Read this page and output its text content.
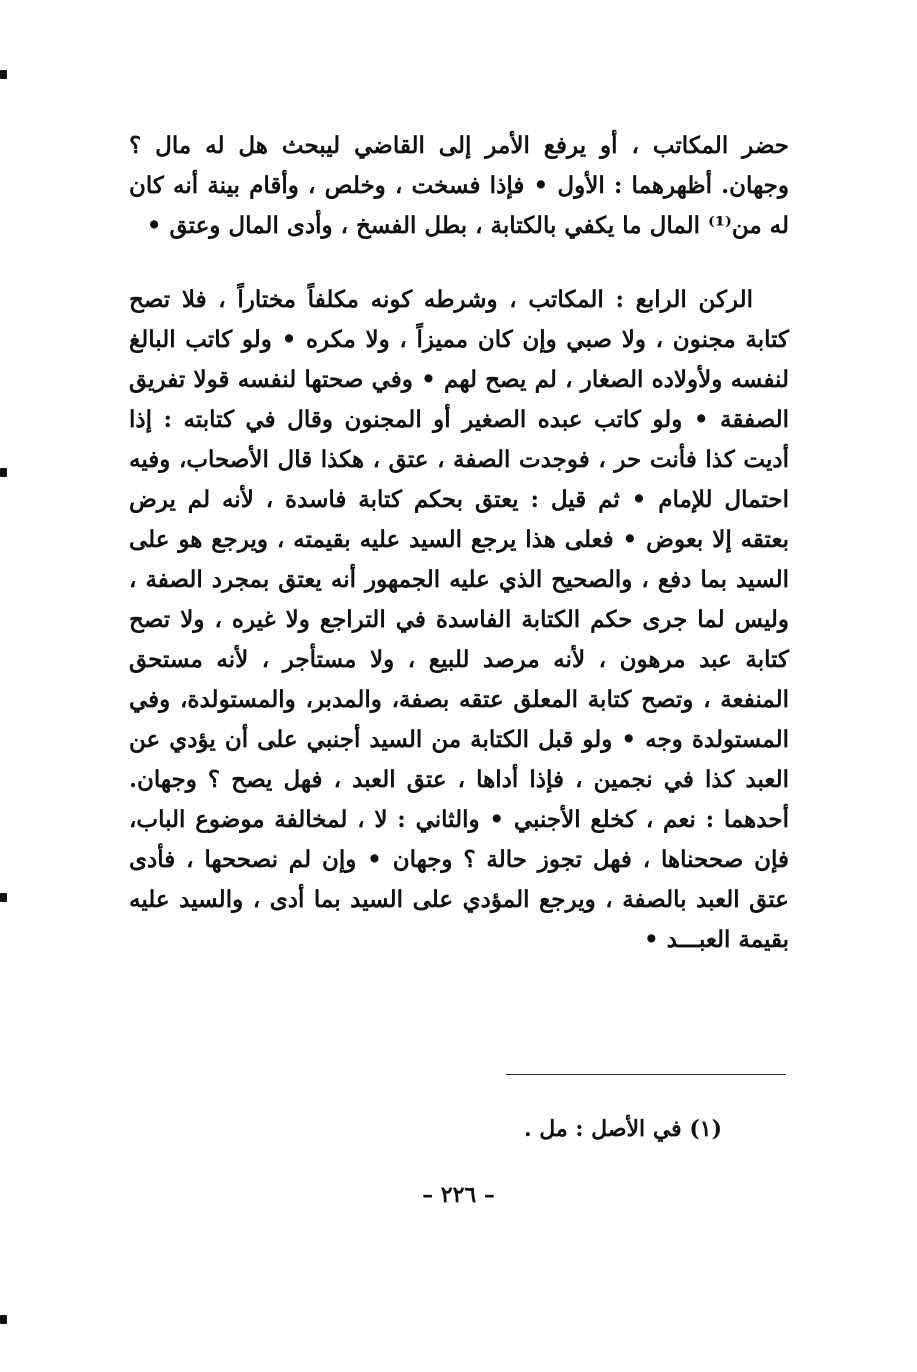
حضر المكاتب ، أو يرفع الأمر إلى القاضي ليبحث هل له مال ؟ وجهان. أظهرهما : الأول • فإذا فسخت ، وخلص ، وأقام بينة أنه كان له من⁽¹⁾ المال ما يكفي بالكتابة ، بطل الفسخ ، وأدى المال وعتق •

الركن الرابع : المكاتب ، وشرطه كونه مكلفاً مختاراً ، فلا تصح كتابة مجنون ، ولا صبي وإن كان مميزاً ، ولا مكره • ولو كاتب البالغ لنفسه ولأولاده الصغار ، لم يصح لهم • وفي صحتها لنفسه قولا تفريق الصفقة • ولو كاتب عبده الصغير أو المجنون وقال في كتابته : إذا أديت كذا فأنت حر ، فوجدت الصفة ، عتق ، هكذا قال الأصحاب، وفيه احتمال للإمام • ثم قيل : يعتق بحكم كتابة فاسدة ، لأنه لم يرض بعتقه إلا بعوض • فعلى هذا يرجع السيد عليه بقيمته ، ويرجع هو على السيد بما دفع ، والصحيح الذي عليه الجمهور أنه يعتق بمجرد الصفة ، وليس لما جرى حكم الكتابة الفاسدة في التراجع ولا غيره ، ولا تصح كتابة عبد مرهون ، لأنه مرصد للبيع ، ولا مستأجر ، لأنه مستحق المنفعة ، وتصح كتابة المعلق عتقه بصفة، والمدبر، والمستولدة، وفي المستولدة وجه • ولو قبل الكتابة من السيد أجنبي على أن يؤدي عن العبد كذا في نجمين ، فإذا أداها ، عتق العبد ، فهل يصح ؟ وجهان. أحدهما : نعم ، كخلع الأجنبي • والثاني : لا ، لمخالفة موضوع الباب، فإن صححناها ، فهل تجوز حالة ؟ وجهان • وإن لم نصححها ، فأدى عتق العبد بالصفة ، ويرجع المؤدي على السيد بما أدى ، والسيد عليه بقيمة العبـــد •

(١) في الأصل : مل .
– ٢٢٦ –
